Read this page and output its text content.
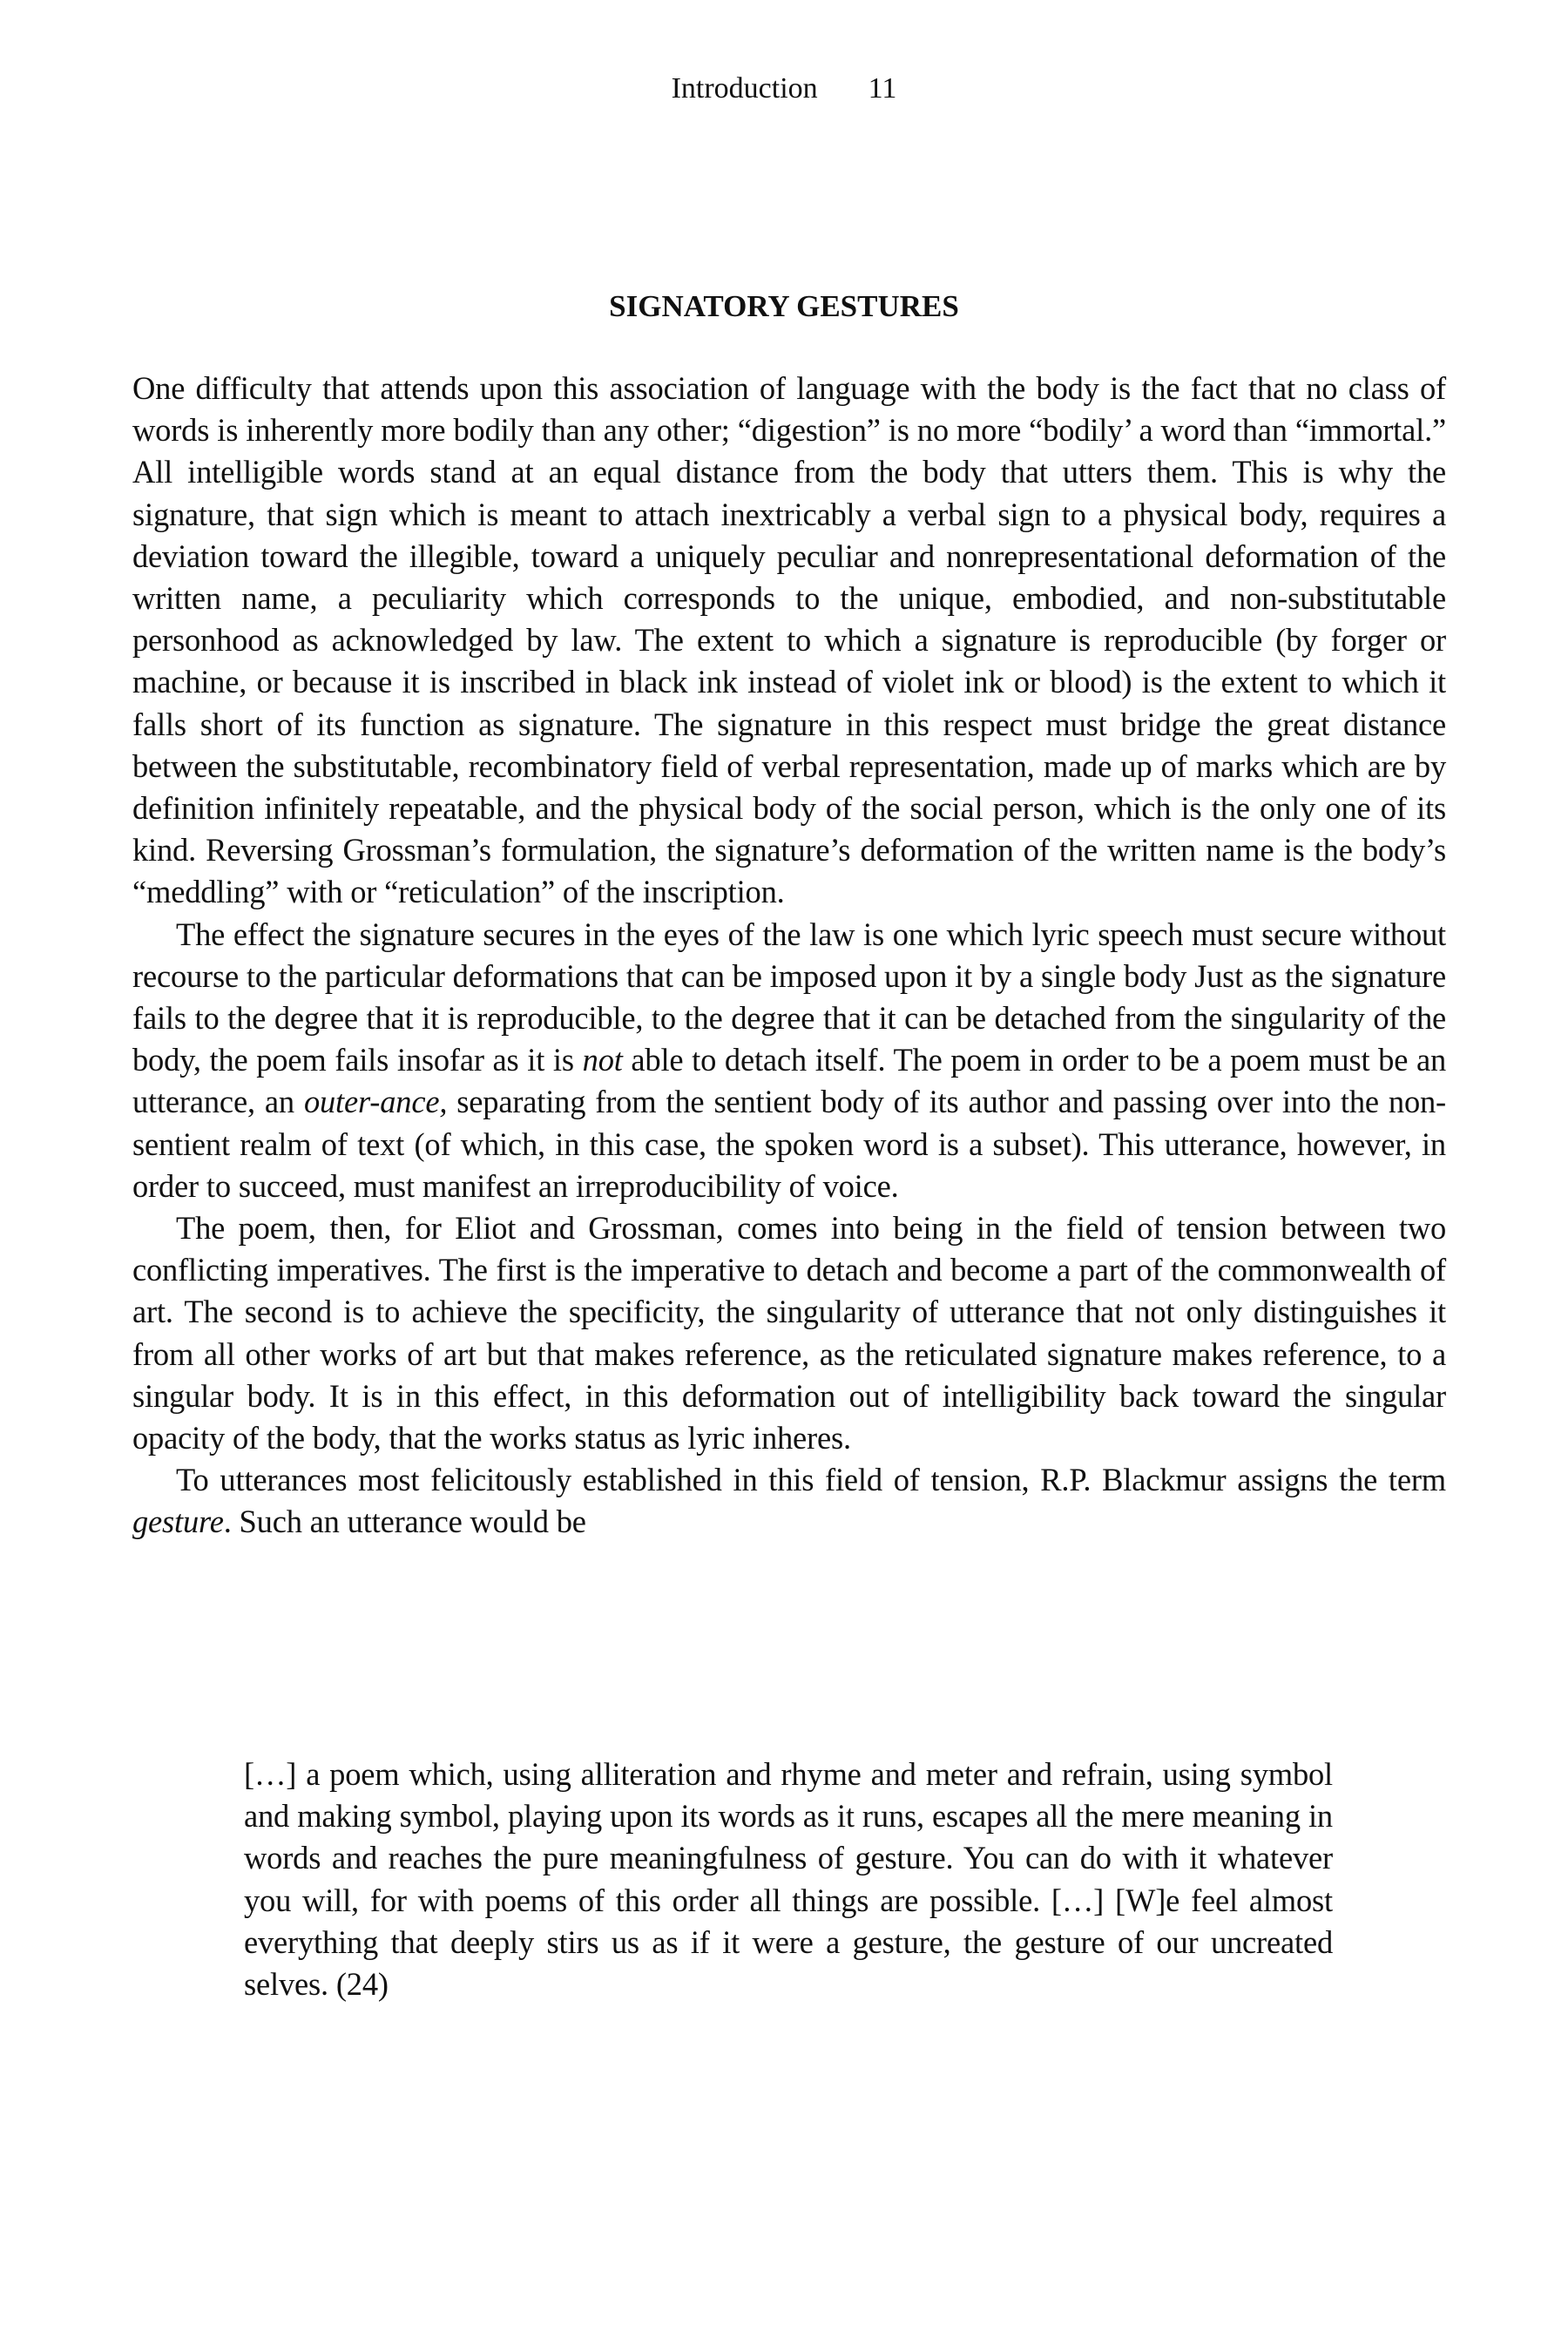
Introduction 11
SIGNATORY GESTURES

One difficulty that attends upon this association of language with the body is the fact that no class of words is inherently more bodily than any other; “digestion” is no more “bodily’ a word than “immortal.” All intelligible words stand at an equal distance from the body that utters them. This is why the signature, that sign which is meant to attach inextricably a verbal sign to a physical body, requires a deviation toward the illegible, toward a uniquely peculiar and nonrepresentational deformation of the written name, a peculiarity which corresponds to the unique, embodied, and non-substitutable personhood as acknowledged by law. The extent to which a signature is reproducible (by forger or machine, or because it is inscribed in black ink instead of violet ink or blood) is the extent to which it falls short of its function as signature. The signature in this respect must bridge the great distance between the substitutable, recombinatory field of verbal representation, made up of marks which are by definition infinitely repeatable, and the physical body of the social person, which is the only one of its kind. Reversing Grossman’s formulation, the signature’s deformation of the written name is the body’s “meddling” with or “reticulation” of the inscription.

The effect the signature secures in the eyes of the law is one which lyric speech must secure without recourse to the particular deformations that can be imposed upon it by a single body Just as the signature fails to the degree that it is reproducible, to the degree that it can be detached from the singularity of the body, the poem fails insofar as it is not able to detach itself. The poem in order to be a poem must be an utterance, an outer-ance, separating from the sentient body of its author and passing over into the non-sentient realm of text (of which, in this case, the spoken word is a subset). This utterance, however, in order to succeed, must manifest an irreproducibility of voice.

The poem, then, for Eliot and Grossman, comes into being in the field of tension between two conflicting imperatives. The first is the imperative to detach and become a part of the commonwealth of art. The second is to achieve the specificity, the singularity of utterance that not only distinguishes it from all other works of art but that makes reference, as the reticulated signature makes reference, to a singular body. It is in this effect, in this deformation out of intelligibility back toward the singular opacity of the body, that the works status as lyric inheres.

To utterances most felicitously established in this field of tension, R.P. Blackmur assigns the term gesture. Such an utterance would be

[…] a poem which, using alliteration and rhyme and meter and refrain, using symbol and making symbol, playing upon its words as it runs, escapes all the mere meaning in words and reaches the pure meaningfulness of gesture. You can do with it whatever you will, for with poems of this order all things are possible. […] [W]e feel almost everything that deeply stirs us as if it were a gesture, the gesture of our uncreated selves. (24)
